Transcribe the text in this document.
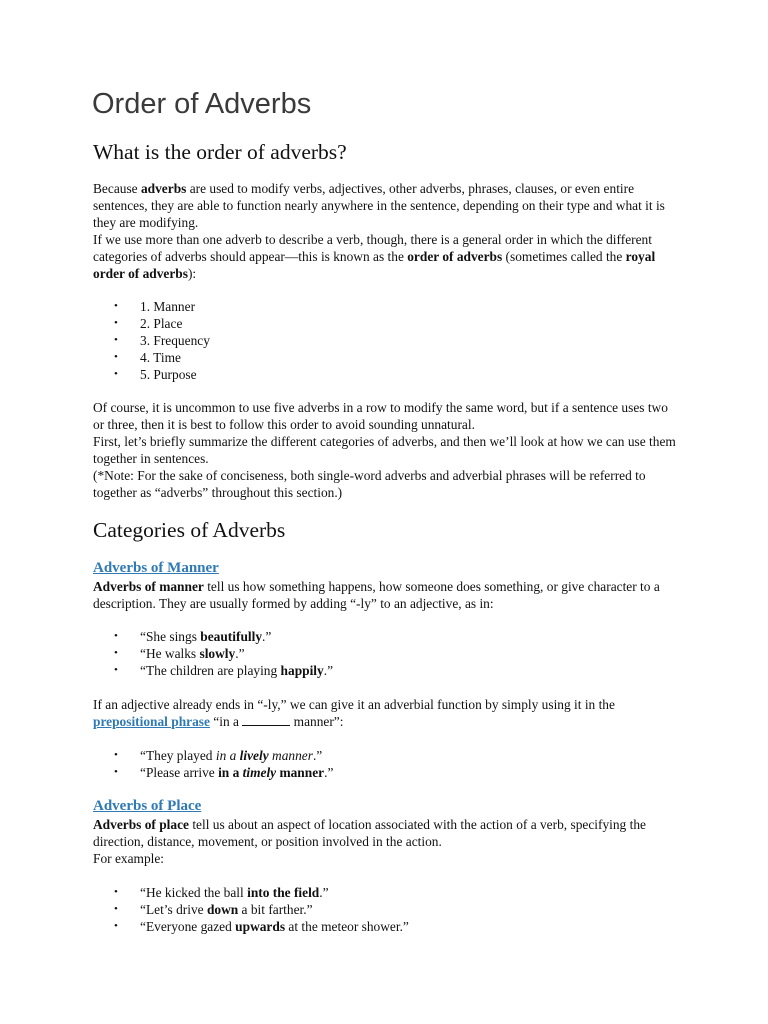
Order of Adverbs
What is the order of adverbs?

Because adverbs are used to modify verbs, adjectives, other adverbs, phrases, clauses, or even entire sentences, they are able to function nearly anywhere in the sentence, depending on their type and what it is they are modifying.

If we use more than one adverb to describe a verb, though, there is a general order in which the different categories of adverbs should appear—this is known as the order of adverbs (sometimes called the royal order of adverbs):

• 1. Manner
• 2. Place
• 3. Frequency
• 4. Time
• 5. Purpose

Of course, it is uncommon to use five adverbs in a row to modify the same word, but if a sentence uses two or three, then it is best to follow this order to avoid sounding unnatural.

First, let’s briefly summarize the different categories of adverbs, and then we’ll look at how we can use them together in sentences.

(*Note: For the sake of conciseness, both single-word adverbs and adverbial phrases will be referred to together as “adverbs” throughout this section.)

Categories of Adverbs
Adverbs of Manner

Adverbs of manner tell us how something happens, how someone does something, or give character to a description. They are usually formed by adding “-ly” to an adjective, as in:

• “She sings beautifully.”
• “He walks slowly.”
• “The children are playing happily.”

If an adjective already ends in “-ly,” we can give it an adverbial function by simply using it in the prepositional phrase “in a	manner”:

• “They played in a lively manner.”
• “Please arrive in a timely manner.”
Adverbs of Place

Adverbs of place tell us about an aspect of location associated with the action of a verb, specifying the direction, distance, movement, or position involved in the action.

For example:

• “He kicked the ball into the field.”
• “Let’s drive down a bit farther.”
• “Everyone gazed upwards at the meteor shower.”
